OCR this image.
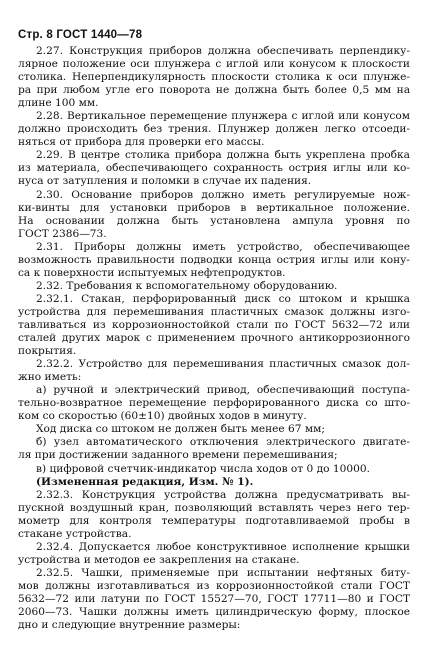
Стр. 8 ГОСТ 1440—78
2.27. Конструкция приборов должна обеспечивать перпендику-
лярное положение оси плунжера с иглой или конусом к плоскости
столика. Неперпендикулярность плоскости столика к оси плунже-
ра при любом угле его поворота не должна быть более 0,5 мм на
длине 100 мм.
2.28. Вертикальное перемещение плунжера с иглой или конусом
должно происходить без трения. Плунжер должен легко отсоеди-
няться от прибора для проверки его массы.
2.29. В центре столика прибора должна быть укреплена пробка
из материала, обеспечивающего сохранность острия иглы или ко-
нуса от затупления и поломки в случае их падения.
2.30. Основание приборов должно иметь регулируемые нож-
ки-винты для установки приборов в вертикальное положение.
На основании должна быть установлена ампула уровня по
ГОСТ 2386—73.
2.31. Приборы должны иметь устройство, обеспечивающее
возможность правильности подводки конца острия иглы или кону-
са к поверхности испытуемых нефтепродуктов.
2.32. Требования к вспомогательному оборудованию.
2.32.1. Стакан, перфорированный диск со штоком и крышка
устройства для перемешивания пластичных смазок должны изго-
тавливаться из коррозионностойкой стали по ГОСТ 5632—72 или
сталей других марок с применением прочного антикоррозионного
покрытия.
2.32.2. Устройство для перемешивания пластичных смазок дол-
жно иметь:
а) ручной и электрический привод, обеспечивающий поступа-
тельно-возвратное перемещение перфорированного диска со што-
ком со скоростью (60±10) двойных ходов в минуту.
Ход диска со штоком не должен быть менее 67 мм;
б) узел автоматического отключения электрического двигате-
ля при достижении заданного времени перемешивания;
в) цифровой счетчик-индикатор числа ходов от 0 до 10000.
(Измененная редакция, Изм. № 1).
2.32.3. Конструкция устройства должна предусматривать вы-
пускной воздушный кран, позволяющий вставлять через него тер-
мометр для контроля температуры подготавливаемой пробы в
стакане устройства.
2.32.4. Допускается любое конструктивное исполнение крышки
устройства и методов ее закрепления на стакане.
2.32.5. Чашки, применяемые при испытании нефтяных биту-
мов должны изготавливаться из коррозионностойкой стали ГОСТ
5632—72 или латуни по ГОСТ 15527—70, ГОСТ 17711—80 и ГОСТ
2060—73. Чашки должны иметь цилиндрическую форму, плоское
дно и следующие внутренние размеры:
